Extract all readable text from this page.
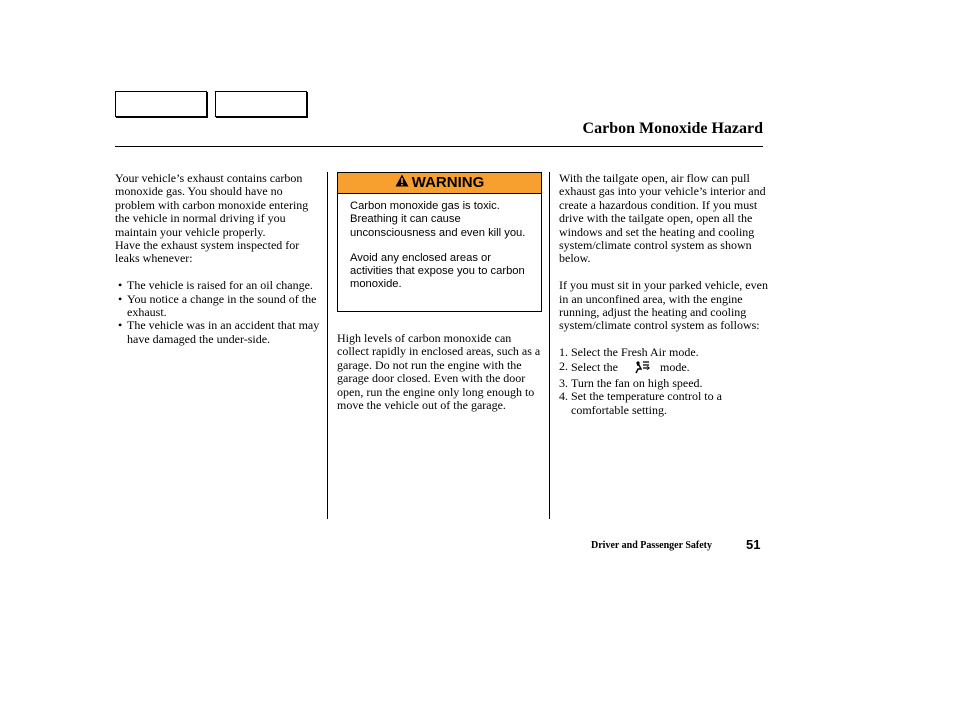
Carbon Monoxide Hazard

Your vehicle’s exhaust contains carbon monoxide gas. You should have no problem with carbon monoxide entering the vehicle in normal driving if you maintain your vehicle properly.

Have the exhaust system inspected for leaks whenever:

• The vehicle is raised for an oil change.
• You notice a change in the sound of the exhaust.
• The vehicle was in an accident that may have damaged the under-side.
WARNING

Carbon monoxide gas is toxic. Breathing it can cause unconsciousness and even kill you.

Avoid any enclosed areas or activities that expose you to carbon monoxide.

High levels of carbon monoxide can collect rapidly in enclosed areas, such as a garage. Do not run the engine with the garage door closed. Even with the door open, run the engine only long enough to move the vehicle out of the garage.

With the tailgate open, air flow can pull exhaust gas into your vehicle’s interior and create a hazardous condition. If you must drive with the tailgate open, open all the windows and set the heating and cooling system/climate control system as shown below.

If you must sit in your parked vehicle, even in an unconfined area, with the engine running, adjust the heating and cooling system/climate control system as follows:

1. Select the Fresh Air mode.
2. Select the	mode.
3. Turn the fan on high speed.
4. Set the temperature control to a comfortable setting.
Driver and Passenger Safety	51
